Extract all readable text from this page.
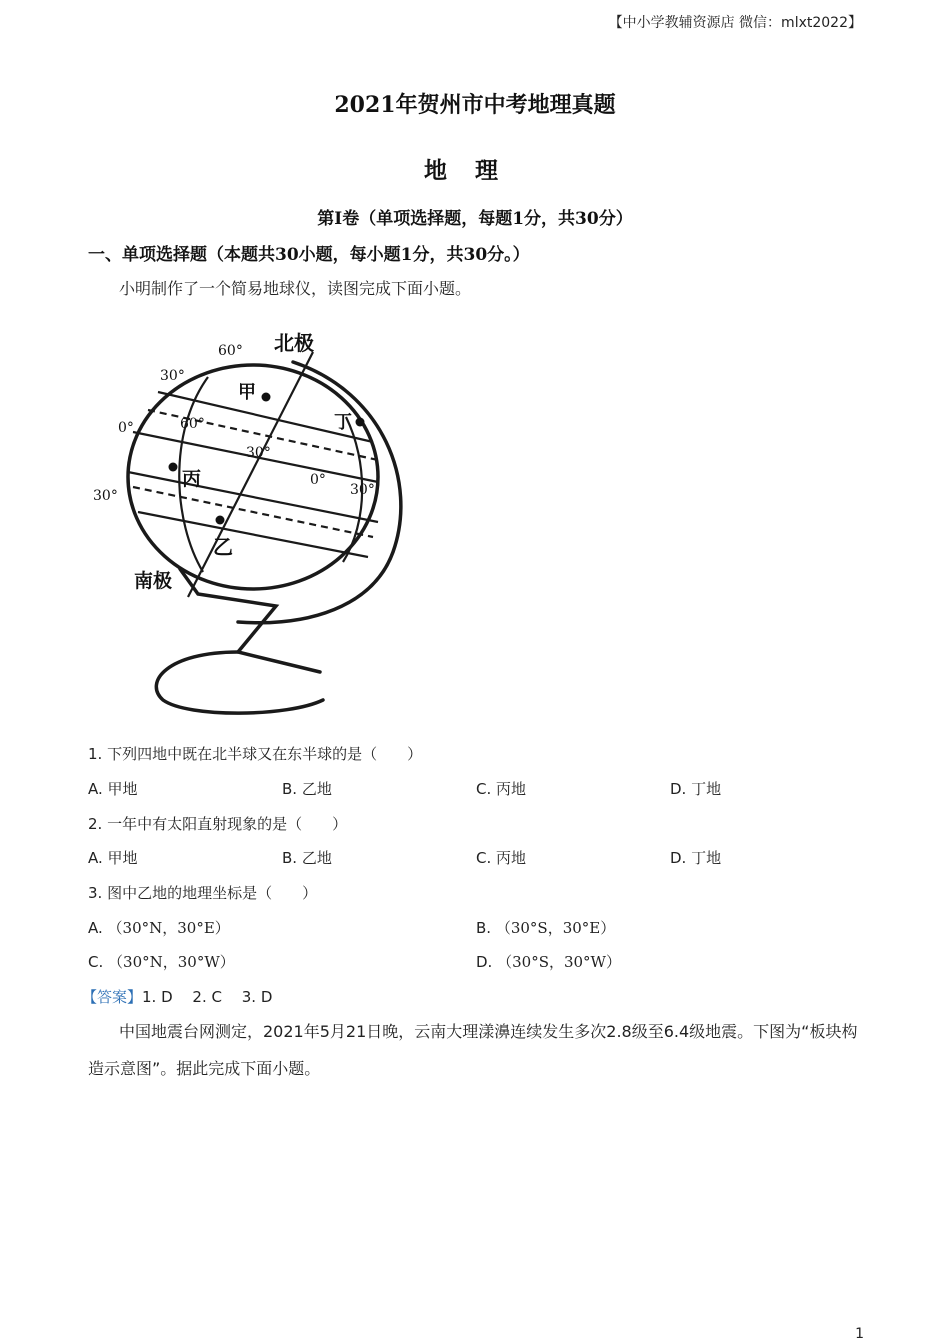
【中小学教辅资源店 微信：mlxt2022】
2021年贺州市中考地理真题
地理
第Ⅰ卷（单项选择题，每题1分，共30分）
一、单项选择题（本题共30小题，每小题1分，共30分。）
小明制作了一个简易地球仪，读图完成下面小题。
北极
南极
甲
丙
乙
丁
60°
30°
0°
30°
60°
30°
0°
30°
1. 下列四地中既在北半球又在东半球的是（　　）
A. 甲地	B. 乙地	C. 丙地	D. 丁地
2. 一年中有太阳直射现象的是（　　）
A. 甲地	B. 乙地	C. 丙地	D. 丁地
3. 图中乙地的地理坐标是（　　）
A. （30°N，30°E）	B. （30°S，30°E）
C. （30°N，30°W）	D. （30°S，30°W）
【答案】1. D　 2. C　 3. D
中国地震台网测定，2021年5月21日晚，云南大理漾濞连续发生多次2.8级至6.4级地震。下图为“板块构造示意图”。据此完成下面小题。
1
